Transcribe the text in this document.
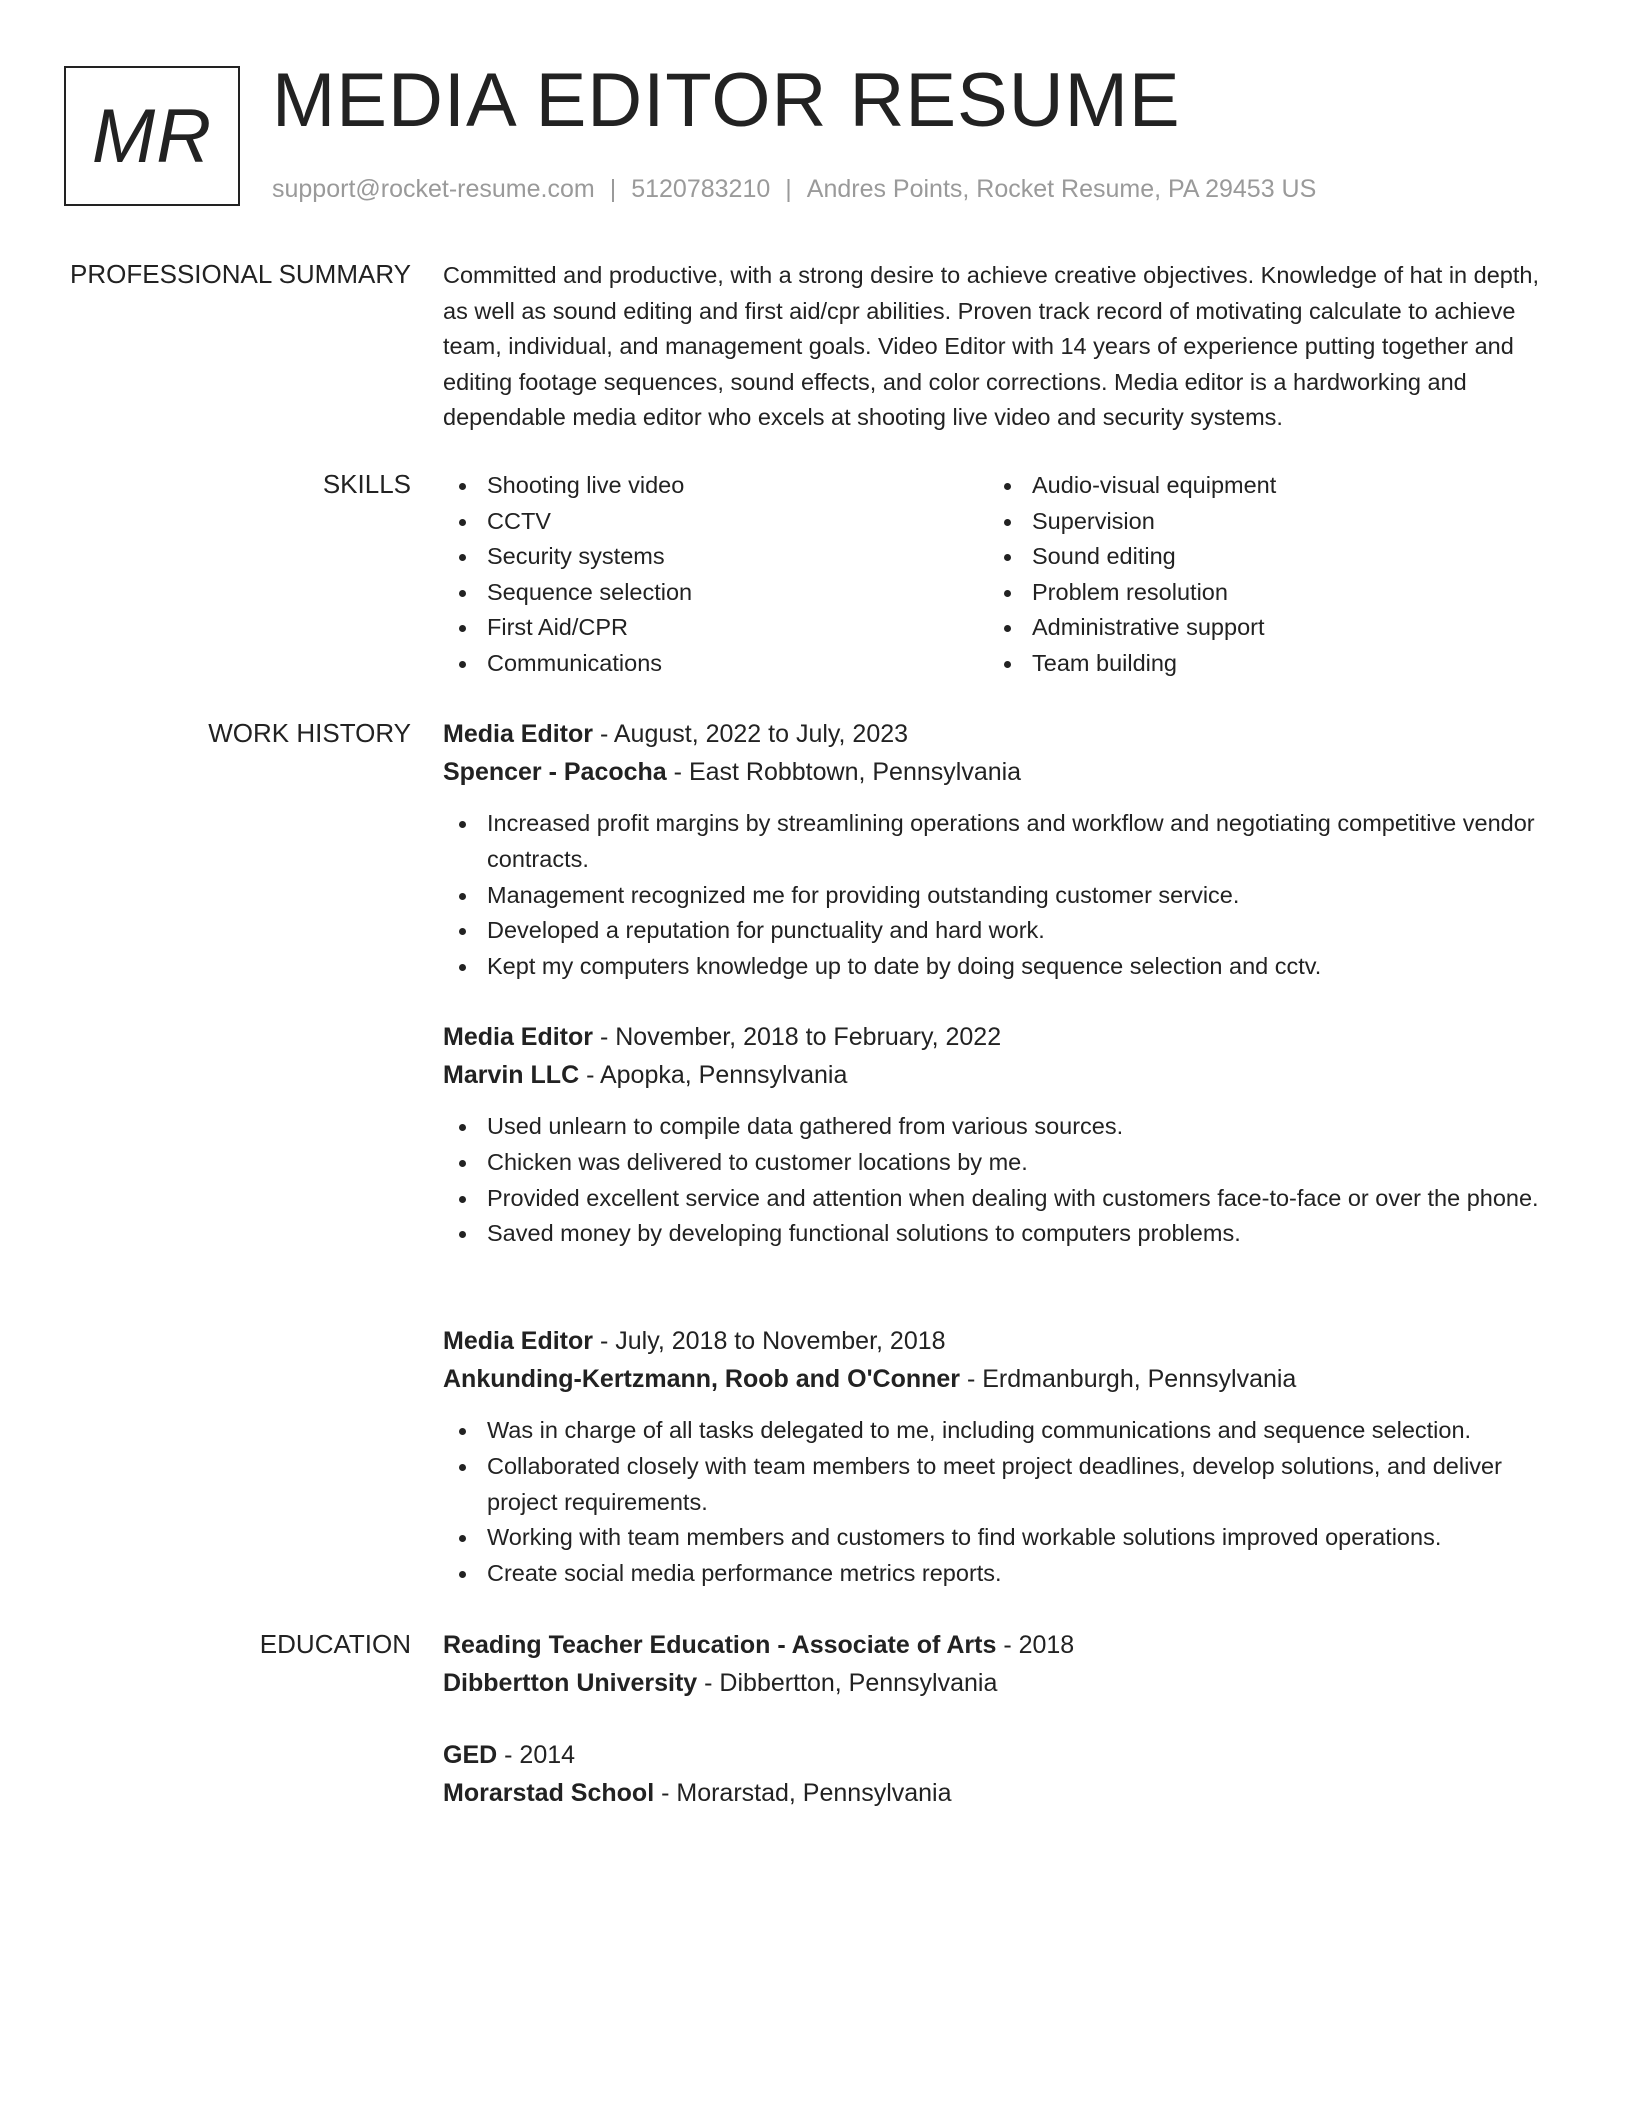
MR MEDIA EDITOR RESUME
support@rocket-resume.com | 5120783210 | Andres Points, Rocket Resume, PA 29453 US
PROFESSIONAL SUMMARY Committed and productive, with a strong desire to achieve creative objectives. Knowledge of hat in depth, as well as sound editing and first aid/cpr abilities. Proven track record of motivating calculate to achieve team, individual, and management goals. Video Editor with 14 years of experience putting together and editing footage sequences, sound effects, and color corrections. Media editor is a hardworking and dependable media editor who excels at shooting live video and security systems.

SKILLS	Shooting live video
CCTV
Security systems
Sequence selection
First Aid/CPR
Communications
Audio-visual equipment
Supervision
Sound editing
Problem resolution
Administrative support
Team building
WORK HISTORY Media Editor - August, 2022 to July, 2023
Spencer - Pacocha - East Robbtown, Pennsylvania
Increased profit margins by streamlining operations and workflow and negotiating competitive vendor contracts.
Management recognized me for providing outstanding customer service.
Developed a reputation for punctuality and hard work.
Kept my computers knowledge up to date by doing sequence selection and cctv.
Media Editor - November, 2018 to February, 2022
Marvin LLC - Apopka, Pennsylvania
Used unlearn to compile data gathered from various sources.
Chicken was delivered to customer locations by me.
Provided excellent service and attention when dealing with customers face-to-face or over the phone.
Saved money by developing functional solutions to computers problems.
Media Editor - July, 2018 to November, 2018
Ankunding-Kertzmann, Roob and O'Conner - Erdmanburgh, Pennsylvania
Was in charge of all tasks delegated to me, including communications and sequence selection.
Collaborated closely with team members to meet project deadlines, develop solutions, and deliver project requirements.
Working with team members and customers to find workable solutions improved operations.
Create social media performance metrics reports.
EDUCATION Reading Teacher Education - Associate of Arts - 2018
Dibbertton University - Dibbertton, Pennsylvania
GED - 2014
Morarstad School - Morarstad, Pennsylvania
